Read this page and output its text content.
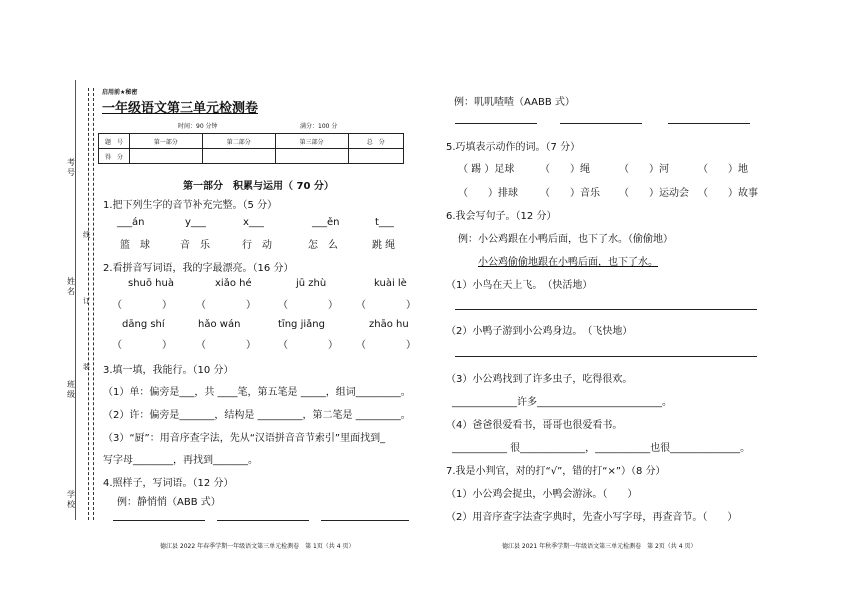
线
订
装
考号
姓名
班级
学校
启用前★秘密
一年级语文第三单元检测卷
时间：90 分钟	满分：100 分
题　号	第一部分	第二部分	第三部分	总　分
得　分				
第一部分　积累与运用（ 70 分）
1.把下列生字的音节补充完整。（5 分）
___án	y___	x___	___ěn	t___
篮　球	音　乐	行　动	怎　么	跳 绳
2.看拼音写词语，我的字最漂亮。（16 分）
shuō huà	xiǎo hé	jū zhù	kuài lè
（　　　　） （　　　　） （　　　　） （　　　　）
dāng shí	hǎo wán	tīng jiǎng	zhāo hu
（　　　　） （　　　　） （　　　　） （　　　　）
3.填一填，我能行。（10 分）
（1）单：偏旁是___，共 ____笔，第五笔是 _____，组词_________。
（2）许：偏旁是_______，结构是 _________，第二笔是 _________。
（3）“厨”：用音序查字法，先从“汉语拼音音节索引”里面找到_
写字母________，再找到_______。
4.照样子，写词语。（12 分）
例：静悄悄（ABB 式）
德江县 2022 年春季学期一年级语文第三单元检测卷　第 1页（共 4 页）
例：叽叽喳喳（AABB 式）
5.巧填表示动作的词。（7 分）
（ 踢 ）足球	（　　）绳	（　　）河	（　　）地
（　　）排球 （　　）音乐 （　　）运动会 （　　）故事
6.我会写句子。（12 分）
例：小公鸡跟在小鸭后面，也下了水。（偷偷地）
小公鸡偷偷地跟在小鸭后面，也下了水。
（1）小鸟在天上飞。　（快活地）
（2）小鸭子游到小公鸡身边。　（飞快地）
（3）小公鸡找到了许多虫子，吃得很欢。
_____________许多_________________________。
（4）爸爸很爱看书，哥哥也很爱看书。
___________ 很_____________，___________也很______________。
7.我是小判官，对的打“√”，错的打“×”）（8 分）
（1）小公鸡会捉虫，小鸭会游泳。（　　）
（2）用音序查字法查字典时，先查小写字母，再查音节。（　　）
德江县 2021 年秋季学期一年级语文第三单元检测卷　第 2页（共 4 页）
